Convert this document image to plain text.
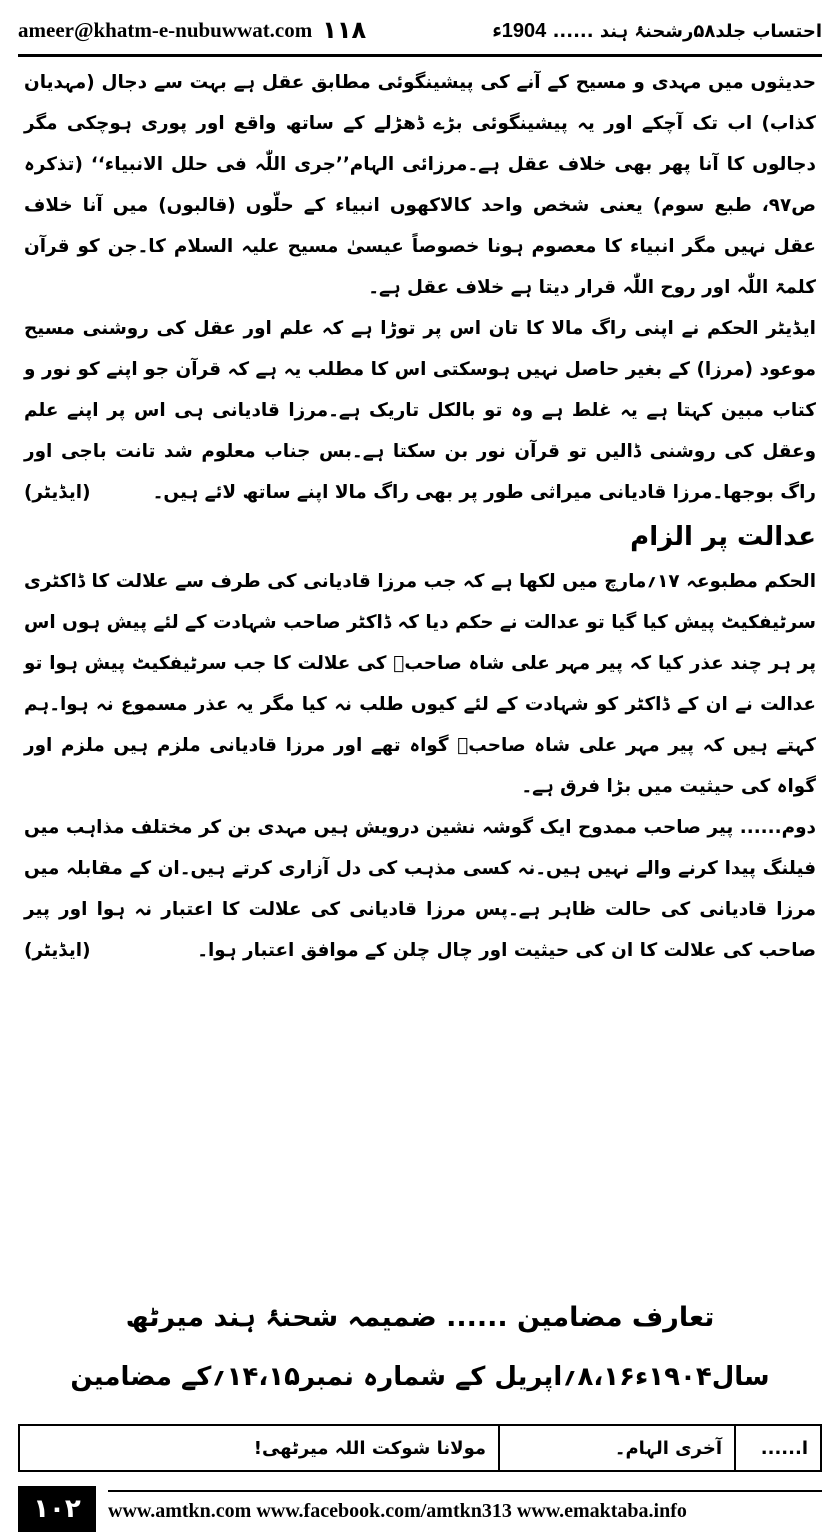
ameer@khatm-e-nubuwwat.com ۱۱۸	احتساب جلد۵۸رشحنۂ ہند ...... 1904ء

حدیثوں میں مہدی و مسیح کے آنے کی پیشینگوئی مطابق عقل ہے بہت سے دجال (مہدیان کذاب) اب تک آچکے اور یہ پیشینگوئی بڑے ڈھڑلے کے ساتھ واقع اور پوری ہوچکی مگر دجالوں کا آنا پھر بھی خلاف عقل ہے۔مرزائی الہام’’جری اللّٰہ فی حلل الانبیاء‘‘ (تذکرہ ص۹۷، طبع سوم) یعنی شخص واحد کالاکھوں انبیاء کے حلّوں (قالبوں) میں آنا خلاف عقل نہیں مگر انبیاء کا معصوم ہونا خصوصاً عیسیٰ مسیح علیہ السلام کا۔جن کو قرآن کلمۃ اللّٰہ اور روح اللّٰہ قرار دیتا ہے خلاف عقل ہے۔

ایڈیٹر الحکم نے اپنی راگ مالا کا تان اس پر توڑا ہے کہ علم اور عقل کی روشنی مسیح موعود (مرزا) کے بغیر حاصل نہیں ہوسکتی اس کا مطلب یہ ہے کہ قرآن جو اپنے کو نور و کتاب مبین کہتا ہے یہ غلط ہے وہ تو بالکل تاریک ہے۔مرزا قادیانی ہی اس پر اپنے علم وعقل کی روشنی ڈالیں تو قرآن نور بن سکتا ہے۔بس جناب معلوم شد تانت باجی اور راگ بوجھا۔مرزا قادیانی میراثی طور پر بھی راگ مالا اپنے ساتھ لائے ہیں۔
(ایڈیٹر)

عدالت پر الزام

الحکم مطبوعہ ۱۷؍مارچ میں لکھا ہے کہ جب مرزا قادیانی کی طرف سے علالت کا ڈاکٹری سرٹیفکیٹ پیش کیا گیا تو عدالت نے حکم دیا کہ ڈاکٹر صاحب شہادت کے لئے پیش ہوں اس پر ہر چند عذر کیا کہ پیر مہر علی شاہ صاحبؒ کی علالت کا جب سرٹیفکیٹ پیش ہوا تو عدالت نے ان کے ڈاکٹر کو شہادت کے لئے کیوں طلب نہ کیا مگر یہ عذر مسموع نہ ہوا۔ہم کہتے ہیں کہ پیر مہر علی شاہ صاحبؒ گواہ تھے اور مرزا قادیانی ملزم ہیں ملزم اور گواہ کی حیثیت میں بڑا فرق ہے۔

دوم...... پیر صاحب ممدوح ایک گوشہ نشین درویش ہیں مہدی بن کر مختلف مذاہب میں فیلنگ پیدا کرنے والے نہیں ہیں۔نہ کسی مذہب کی دل آزاری کرتے ہیں۔ان کے مقابلہ میں مرزا قادیانی کی حالت ظاہر ہے۔پس مرزا قادیانی کی علالت کا اعتبار نہ ہوا اور پیر صاحب کی علالت کا ان کی حیثیت اور چال چلن کے موافق اعتبار ہوا۔
(ایڈیٹر)

تعارف مضامین ...... ضمیمہ شحنۂ ہند میرٹھ
سال۱۹۰۴ء۸،۱۶؍اپریل کے شمارہ نمبر۱۴،۱۵؍کے مضامین
ا......
آخری الہام۔
مولانا شوکت اللہ میرٹھی!
۱۰۲	www.amtkn.com www.facebook.com/amtkn313 www.emaktaba.info
